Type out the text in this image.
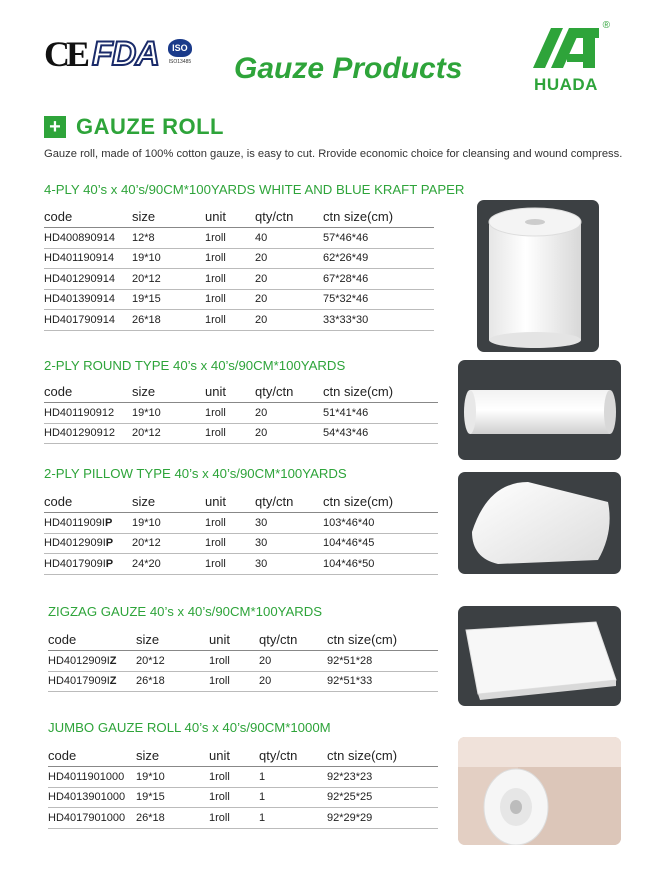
CE FDA	ISO
ISO13485 Gauze Products
®
HUADA
+ GAUZE ROLL
Gauze roll, made of 100% cotton gauze, is easy to cut. Rrovide economic choice for cleansing and wound compress.
4-PLY 40’s x 40’s/90CM*100YARDS WHITE AND BLUE KRAFT PAPER
code	size	unit	qty/ctn	ctn size(cm)
HD400890914	12*8	1roll	40	57*46*46
HD401190914	19*10	1roll	20	62*26*49
HD401290914	20*12	1roll	20	67*28*46
HD401390914	19*15	1roll	20	75*32*46
HD401790914	26*18	1roll	20	33*33*30
2-PLY ROUND TYPE 40’s x 40’s/90CM*100YARDS
code	size	unit	qty/ctn	ctn size(cm)
HD401190912	19*10	1roll	20	51*41*46
HD401290912	20*12	1roll	20	54*43*46
2-PLY PILLOW TYPE 40’s x 40’s/90CM*100YARDS
code	size	unit	qty/ctn	ctn size(cm)
HD4011909IP	19*10	1roll	30	103*46*40
HD4012909IP	20*12	1roll	30	104*46*45
HD4017909IP	24*20	1roll	30	104*46*50
ZIGZAG GAUZE 40’s x 40’s/90CM*100YARDS
code	size	unit	qty/ctn	ctn size(cm)
HD4012909IZ	20*12	1roll	20	92*51*28
HD4017909IZ	26*18	1roll	20	92*51*33
JUMBO GAUZE ROLL 40’s x 40’s/90CM*1000M
code	size	unit	qty/ctn	ctn size(cm)
HD4011901000	19*10	1roll	1	92*23*23
HD4013901000	19*15	1roll	1	92*25*25
HD4017901000	26*18	1roll	1	92*29*29
